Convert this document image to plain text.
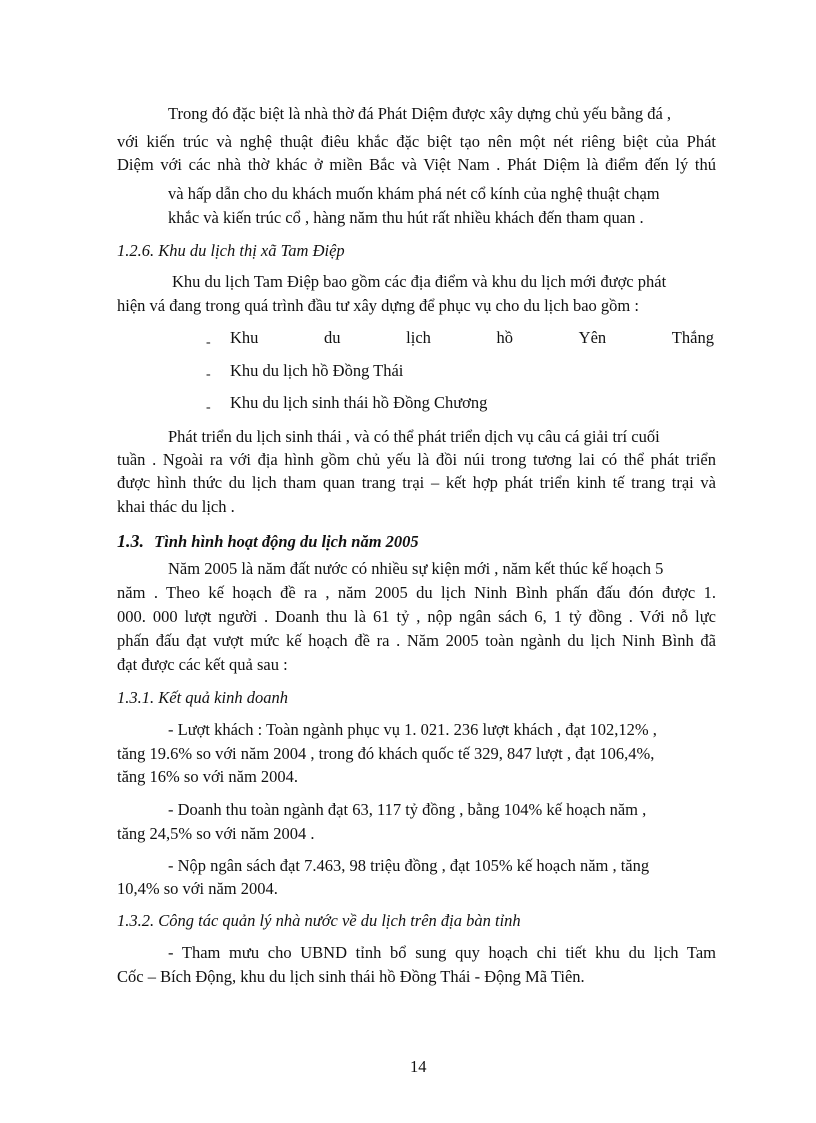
Trong đó đặc biệt là nhà thờ đá Phát Diệm được xây dựng chủ yếu bằng đá ,
với kiến trúc và nghệ thuật điêu khắc đặc biệt tạo nên một nét riêng biệt của Phát
Diệm với các nhà thờ khác ở miền Bắc và Việt Nam . Phát Diệm là điểm đến lý thú
và hấp dẫn cho du khách muốn khám phá nét cổ kính của nghệ thuật chạm
khắc và kiến trúc cổ , hàng năm thu hút rất nhiều khách đến tham quan .
1.2.6. Khu du lịch thị xã Tam Điệp
Khu du lịch Tam Điệp bao gồm các địa điểm và khu du lịch mới được phát
hiện vá đang trong quá trình đầu tư xây dựng để phục vụ cho du lịch bao gồm :
- Khu	du	lịch	hồ	Yên	Thắng
- Khu du lịch hồ Đồng Thái
- Khu du lịch sinh thái hồ Đồng Chương
Phát triển du lịch sinh thái , và có thể phát triển dịch vụ câu cá giải trí cuối
tuần . Ngoài ra với địa hình gồm chủ yếu là đồi núi trong tương lai có thể phát triển
được hình thức du lịch tham quan trang trại – kết hợp phát triển kinh tế trang trại và
khai thác du lịch .
1.3. Tình hình hoạt động du lịch năm 2005
Năm 2005 là năm đất nước có nhiều sự kiện mới , năm kết thúc kế hoạch 5
năm . Theo kế hoạch đề ra , năm 2005 du lịch Ninh Bình phấn đấu đón được 1.
000. 000 lượt người . Doanh thu là 61 tỷ , nộp ngân sách 6, 1 tỷ đồng . Với nỗ lực
phấn đấu đạt vượt mức kế hoạch đề ra . Năm 2005 toàn ngành du lịch Ninh Bình đã
đạt được các kết quả sau :
1.3.1. Kết quả kinh doanh
- Lượt khách : Toàn ngành phục vụ 1. 021. 236 lượt khách , đạt 102,12% ,
tăng 19.6% so với năm 2004 , trong đó khách quốc tế 329, 847 lượt , đạt 106,4%,
tăng 16% so với năm 2004.
- Doanh thu toàn ngành đạt 63, 117 tỷ đồng , bằng 104% kế hoạch năm ,
tăng 24,5% so với năm 2004 .
- Nộp ngân sách đạt 7.463, 98 triệu đồng , đạt 105% kế hoạch năm , tăng
10,4% so với năm 2004.
1.3.2. Công tác quản lý nhà nước về du lịch trên địa bàn tỉnh
- Tham mưu cho UBND tỉnh bổ sung quy hoạch chi tiết khu du lịch Tam
Cốc – Bích Động, khu du lịch sinh thái hồ Đồng Thái - Động Mã Tiên.
14
